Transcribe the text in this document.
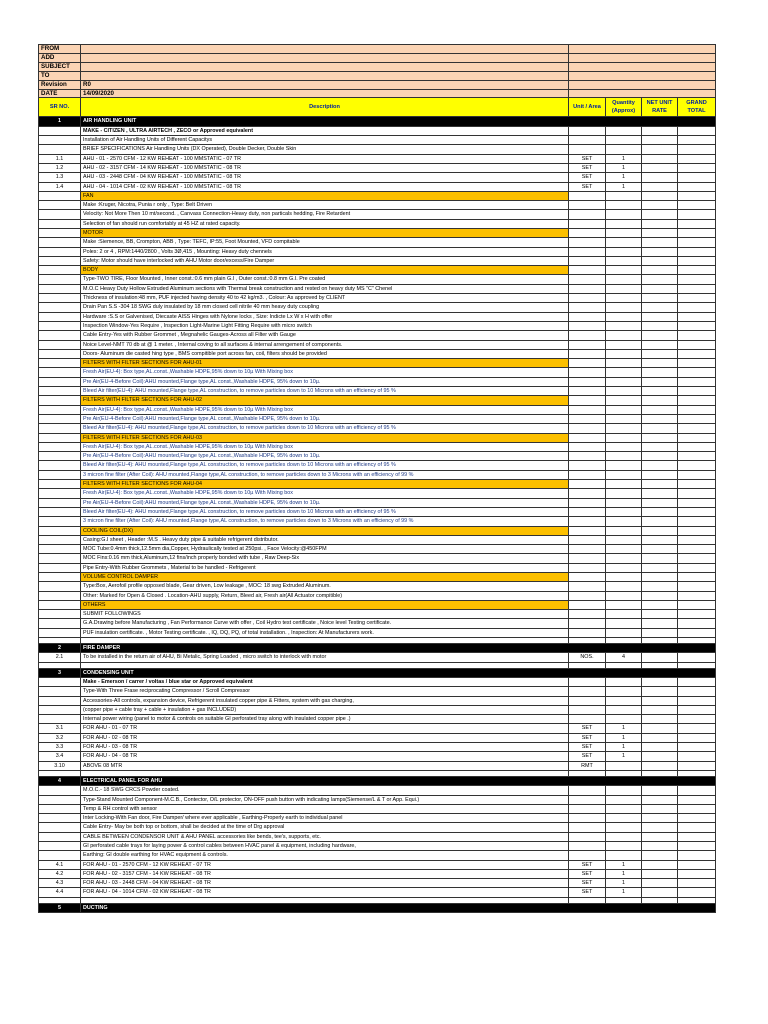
FROM					
ADD					
SUBJECT					
TO					
Revision	R0				
DATE	14/09/2020				
SR NO.	Description	Unit / Area	Quantity (Approx)	NET UNIT RATE	GRAND TOTAL
1	AIR HANDLING UNIT				
	MAKE - CITIZEN , ULTRA AIRTECH , ZECO or Approved equivalent				
	Installation of Air Handling Units of Different Capacitys				
	BRIEF SPECIFICATIONS Air Handling Units (DX Operated), Double Decker, Double Skin				
1.1	AHU - 01 - 2570 CFM - 12 KW REHEAT - 100 MMSTATIC - 07 TR	SET	1		
1.2	AHU - 02 - 3157 CFM - 14 KW REHEAT - 100 MMSTATIC - 08 TR	SET	1		
1.3	AHU - 03 - 2448 CFM - 04 KW REHEAT - 100 MMSTATIC - 08 TR	SET	1		
1.4	AHU - 04 - 1014 CFM - 02 KW REHEAT - 100 MMSTATIC - 08 TR	SET	1		
	FAN				
	Make :Kruger, Nicotra, Punia r only , Type: Belt Driven				
	Velocity: Not More Then 10 mt/second. , Canvass Connection-Heavy duty, non particals hedding, Fire Retardent				
	Selection of fan should run comfortably at 45 HZ at rated capacity.				
	MOTOR				
	Make :Siemence, BB, Crompton, ABB , Type: TEFC, IP:55, Foot Mounted, VFD compitable				
	Poles: 2 or 4 , RPM:1440/2800 , Volts 3Ø,415 , Mounting: Heavy duty chennels				
	Safety: Motor should have interlocked with AHU Motor door/excess/Fire Damper				
	BODY				
	Type-TWO TIRE, Floor Mounted , Inner const.:0.6 mm plain G.I , Outer const.:0.8 mm G.I. Pre coated				
	M.O.C Heavy Duty Hollow Extruded Aluminum sections with Thermal break construction and rested on heavy duty MS "C" Chenel				
	Thickness of insulation:48 mm, PUF injected having density 40 to 42 kg/m3. , Colour: As approved by CLIENT				
	Drain Pan S.S -304 18 SWG duly insulated by 18 mm closed cell nitrile 40 mm heavy duty coupling				
	Hardware :S.S or Galvenised, Diecaste AISS Hinges with Nylone locks , Size: Indicte Lx W x H with offer				
	Inspection Window-Yes Require , Inspection Light-Marine Light Fitting Require with micro switch				
	Cable Entry-Yes with Rubber Grommet , Megnahelic Gauges-Across all Filter with Gauge				
	Noice Level-NMT 70 db at @ 1 meter. , Internal coving to all surfaces & internal arrengement of components.				
	Doors- Aluminum die casted hing type , BMS compitible port across fan, coil, filters should be provided				
	FILTERS WITH FILTER SECTIONS FOR AHU-01				
	Fresh Air(EU-4): Box type,AL.const.,Washable HDPE,95% down to 10µ With Mixing box				
	Pre Air(EU-4-Before Coil):AHU mounted,Flange type,AL const.,Washable HDPE, 95% down to 10µ.				
	Bleed Air filter(EU-4): AHU mounted,Flange type,AL construction, to remove particles down to 10 Microns with an efficiency of 95 %				
	FILTERS WITH FILTER SECTIONS FOR AHU-02				
	Fresh Air(EU-4): Box type,AL.const.,Washable HDPE,95% down to 10µ With Mixing box				
	Pre Air(EU-4-Before Coil):AHU mounted,Flange type,AL const.,Washable HDPE, 95% down to 10µ.				
	Bleed Air filter(EU-4): AHU mounted,Flange type,AL construction, to remove particles down to 10 Microns with an efficiency of 95 %				
	FILTERS WITH FILTER SECTIONS FOR AHU-03				
	Fresh Air(EU-4): Box type,AL.const.,Washable HDPE,95% down to 10µ With Mixing box				
	Pre Air(EU-4-Before Coil):AHU mounted,Flange type,AL const.,Washable HDPE, 95% down to 10µ.				
	Bleed Air filter(EU-4): AHU mounted,Flange type,AL construction, to remove particles down to 10 Microns with an efficiency of 95 %				
	3 micron fine filter (After Coil): AHU mounted,Flange type,AL construction, to remove particles down to 3 Microns with an efficiency of 99 %				
	FILTERS WITH FILTER SECTIONS FOR AHU-04				
	Fresh Air(EU-4): Box type,AL.const.,Washable HDPE,95% down to 10µ With Mixing box				
	Pre Air(EU-4-Before Coil):AHU mounted,Flange type,AL const.,Washable HDPE, 95% down to 10µ.				
	Bleed Air filter(EU-4): AHU mounted,Flange type,AL construction, to remove particles down to 10 Microns with an efficiency of 95 %				
	3 micron fine filter (After Coil): AHU mounted,Flange type,AL construction, to remove particles down to 3 Microns with an efficiency of 99 %				
	COOLING COIL(DX)				
	Casing:G.I sheet , Header :M.S . Heavy duty pipe & suitable refrigerent distributor.				
	MOC Tube:0.4mm thick,12.5mm dia,Copper, Hydraulically tested at 250psi. , Face Velocity:@450FPM				
	MOC Fins:0.16 mm thick,Aluminum,12 fins/inch properly bonded with tube , Raw Deep-Six				
	Pipe Entry-With Rubber Grommets , Material to be handled - Refrigerent				
	VOLUME CONTROL DAMPER				
	Type:Box, Aerofoil profile opposed blade, Gear driven, Low leakage , MOC: 18 swg Extruded Aluminum.				
	Other: Marked for Open & Closed . Location-AHU supply, Return, Bleed air, Fresh air(All Actuator compitible)				
	OTHERS				
	SUBMIT FOLLOWINGS				
	G.A.Drawing before Manufacturing , Fan Performance Curve with offer , Coil Hydro test certificate , Noice level Testing certificate.				
	PUF insulation certificate. , Motor Testing certificate. , IQ, DQ, PQ, of total installation. , Inspection: At Manufacturers work.				

2	FIRE DAMPER				
2.1	To be installed in the return air of AHU, Bi Metalic, Spring Loaded , micro switch to interlock with motor	NOS.	4		

3	CONDENSING UNIT				
	Make - Emerson / carrer / voltas / blue star or Approved equivalent				
	Type-With Three Frase reciprocating Compressor / Scroll Compressor				
	Accessories-All controls, expansion device, Refrigerent insulated copper pipe & Fitters, system with gas charging,				
	(copper pipe + cable tray + cable + insulation + gas INCLUDED)				
	Internal power wiring (panel to motor & controls on suitable GI perforated tray along with insulated copper pipe .)				
3.1	FOR AHU - 01 - 07 TR	SET	1		
3.2	FOR AHU - 02 - 08 TR	SET	1		
3.3	FOR AHU - 03 - 08 TR	SET	1		
3.4	FOR AHU - 04 - 08 TR	SET	1		
3.10	ABOVE 08 MTR	RMT			

4	ELECTRICAL PANEL FOR AHU				
	M.O.C.- 18 SWG CRCS Powder coated.				
	Type-Stand Mounted Component-M.C.B., Contector, O/L protector, ON-OFF push button with indicating lamps(Siemense/L & T or App. Equi.)				
	Temp & RH control with sensor				
	Inter Locking-With Fan door, Fire Damper/ where ever applicable , Earthing-Properly earth to individual panel				
	Cable Entry- May be both top or bottom, shall be decided at the time of Drg approval				
	CABLE BETWEEN CONDENSOR UNIT & AHU PANEL accessories like bends, tee's, supports, etc.				
	GI perforated cable trays for laying power & control cables between HVAC panel & equipment, including hardware,				
	Earthing: GI double earthing for HVAC equipment & controls.				
4.1	FOR AHU - 01 - 2570 CFM - 12 KW REHEAT - 07 TR	SET	1		
4.2	FOR AHU - 02 - 3157 CFM - 14 KW REHEAT - 08 TR	SET	1		
4.3	FOR AHU - 03 - 2448 CFM - 04 KW REHEAT - 08 TR	SET	1		
4.4	FOR AHU - 04 - 1014 CFM - 02 KW REHEAT - 08 TR	SET	1		

5	DUCTING				
